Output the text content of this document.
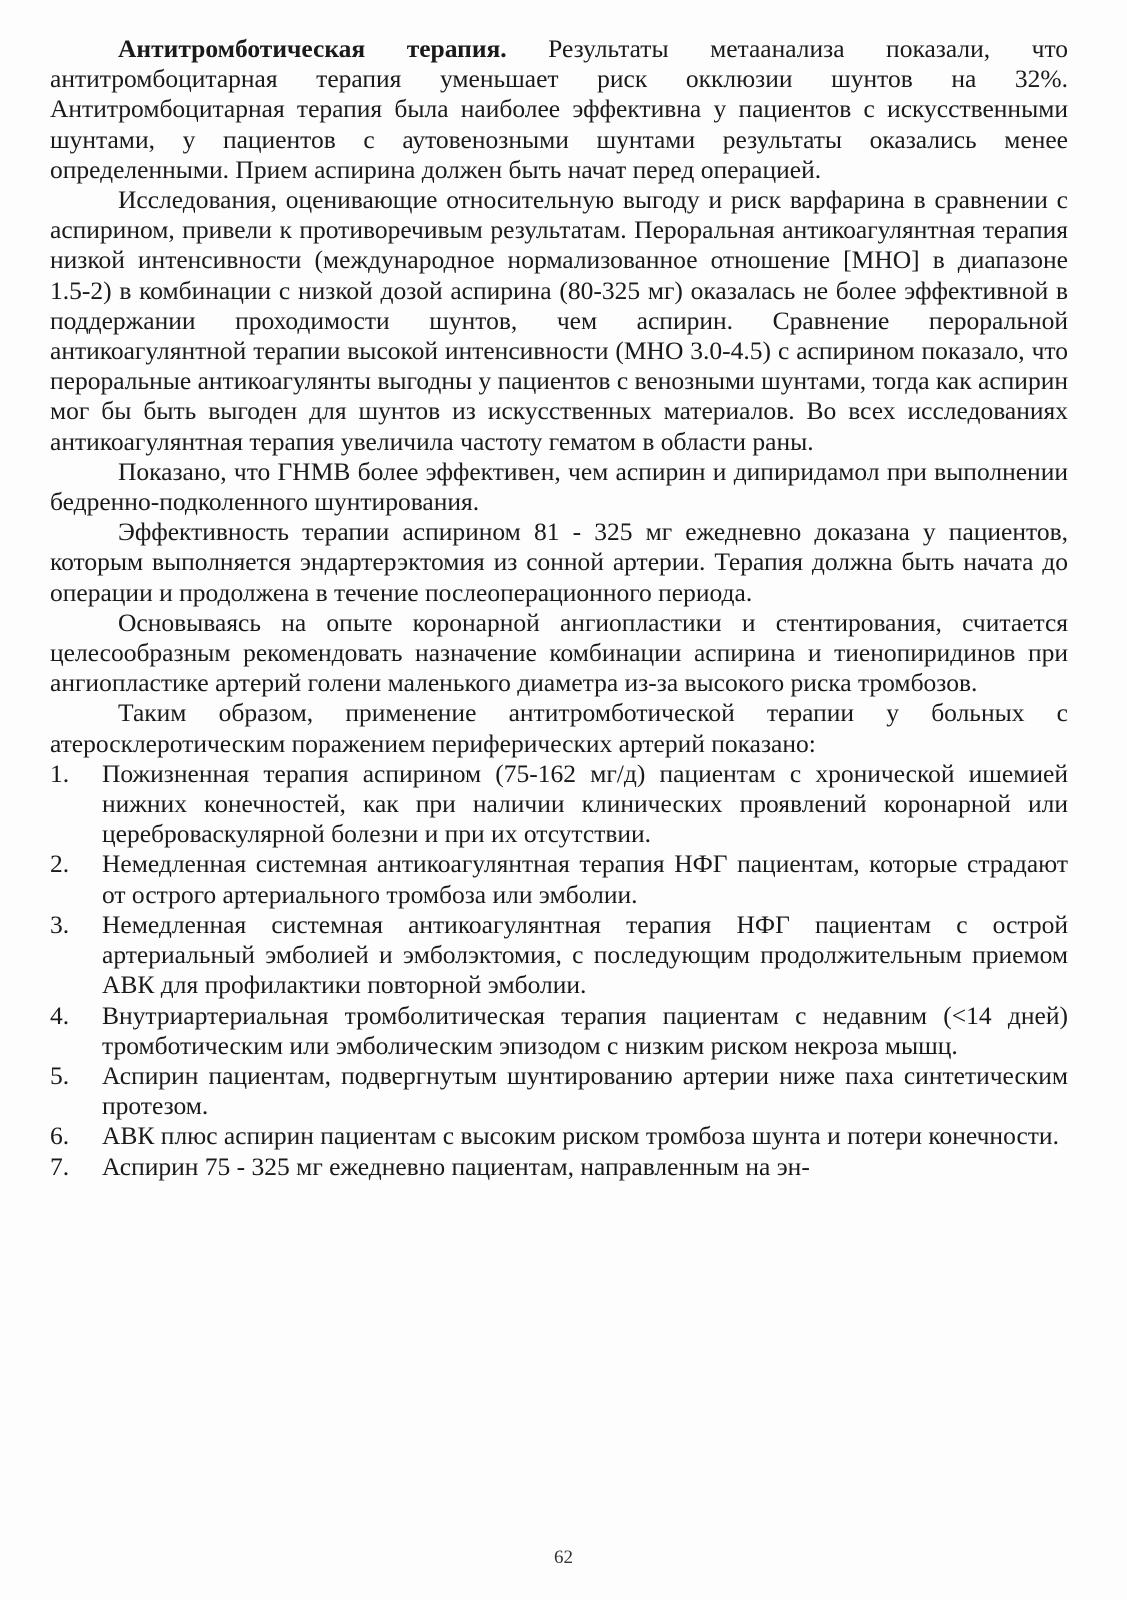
Антитромботическая терапия. Результаты метаанализа показали, что антитромбоцитарная терапия уменьшает риск окклюзии шунтов на 32%. Антитромбоцитарная терапия была наиболее эффективна у пациентов с искусственными шунтами, у пациентов с аутовенозными шунтами результаты оказались менее определенными. Прием аспирина должен быть начат перед операцией.

Исследования, оценивающие относительную выгоду и риск варфарина в сравнении с аспирином, привели к противоречивым результатам. Пероральная антикоагулянтная терапия низкой интенсивности (международное нормализованное отношение [МНО] в диапазоне 1.5-2) в комбинации с низкой дозой аспирина (80-325 мг) оказалась не более эффективной в поддержании проходимости шунтов, чем аспирин. Сравнение пероральной антикоагулянтной терапии высокой интенсивности (МНО 3.0-4.5) с аспирином показало, что пероральные антикоагулянты выгодны у пациентов с венозными шунтами, тогда как аспирин мог бы быть выгоден для шунтов из искусственных материалов. Во всех исследованиях антикоагулянтная терапия увеличила частоту гематом в области раны.

Показано, что ГНМВ более эффективен, чем аспирин и дипиридамол при выполнении бедренно-подколенного шунтирования.

Эффективность терапии аспирином 81 - 325 мг ежедневно доказана у пациентов, которым выполняется эндартерэктомия из сонной артерии. Терапия должна быть начата до операции и продолжена в течение послеоперационного периода.

Основываясь на опыте коронарной ангиопластики и стентирования, считается целесообразным рекомендовать назначение комбинации аспирина и тиенопиридинов при ангиопластике артерий голени маленького диаметра из-за высокого риска тромбозов.

Таким образом, применение антитромботической терапии у больных с атеросклеротическим поражением периферических артерий показано:

1. Пожизненная терапия аспирином (75-162 мг/д) пациентам с хронической ишемией нижних конечностей, как при наличии клинических проявлений коронарной или цереброваскулярной болезни и при их отсутствии.
2. Немедленная системная антикоагулянтная терапия НФГ пациентам, которые страдают от острого артериального тромбоза или эмболии.
3. Немедленная системная антикоагулянтная терапия НФГ пациентам с острой артериальный эмболией и эмболэктомия, с последующим продолжительным приемом АВК для профилактики повторной эмболии.
4. Внутриартериальная тромболитическая терапия пациентам с недавним (<14 дней) тромботическим или эмболическим эпизодом с низким риском некроза мышц.
5. Аспирин пациентам, подвергнутым шунтированию артерии ниже паха синтетическим протезом.
6. АВК плюс аспирин пациентам с высоким риском тромбоза шунта и потери конечности.
7. Аспирин 75 - 325 мг ежедневно пациентам, направленным на эн-
62
